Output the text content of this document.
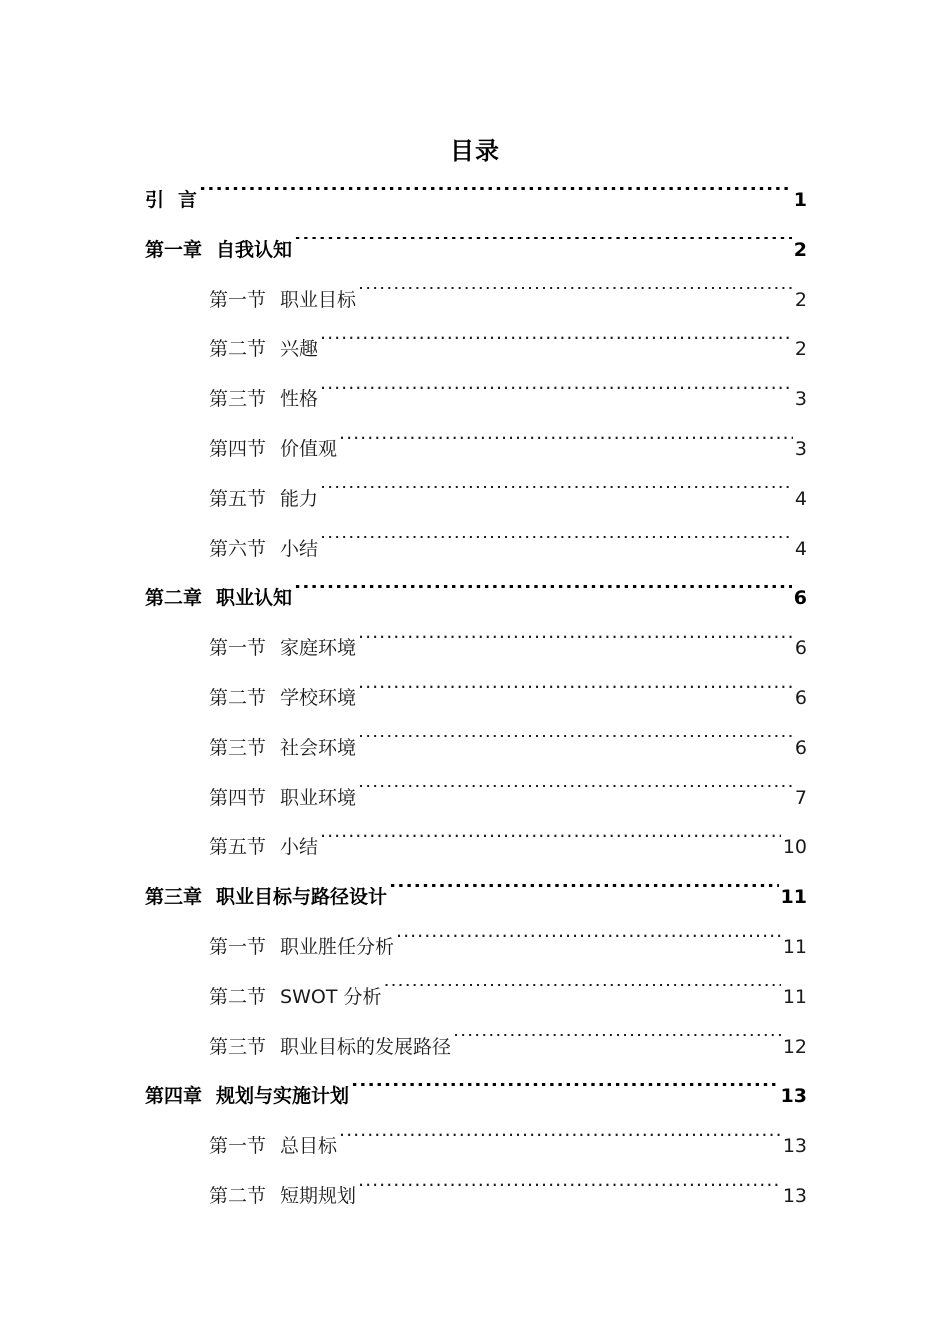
目录
引 言 .....	1
第一章 自我认知 .....	2
第一节 职业目标 .....	2
第二节 兴趣 .....	2
第三节 性格 .....	3
第四节 价值观 .....	3
第五节 能力 .....	4
第六节 小结 .....	4
第二章 职业认知 .....	6
第一节 家庭环境 .....	6
第二节 学校环境 .....	6
第三节 社会环境 .....	6
第四节 职业环境 .....	7
第五节 小结 .....	10
第三章 职业目标与路径设计 .....	11
第一节 职业胜任分析 .....	11
第二节 SWOT 分析 .....	11
第三节 职业目标的发展路径 .....	12
第四章 规划与实施计划 .....	13
第一节 总目标 .....	13
第二节 短期规划 .....	13
